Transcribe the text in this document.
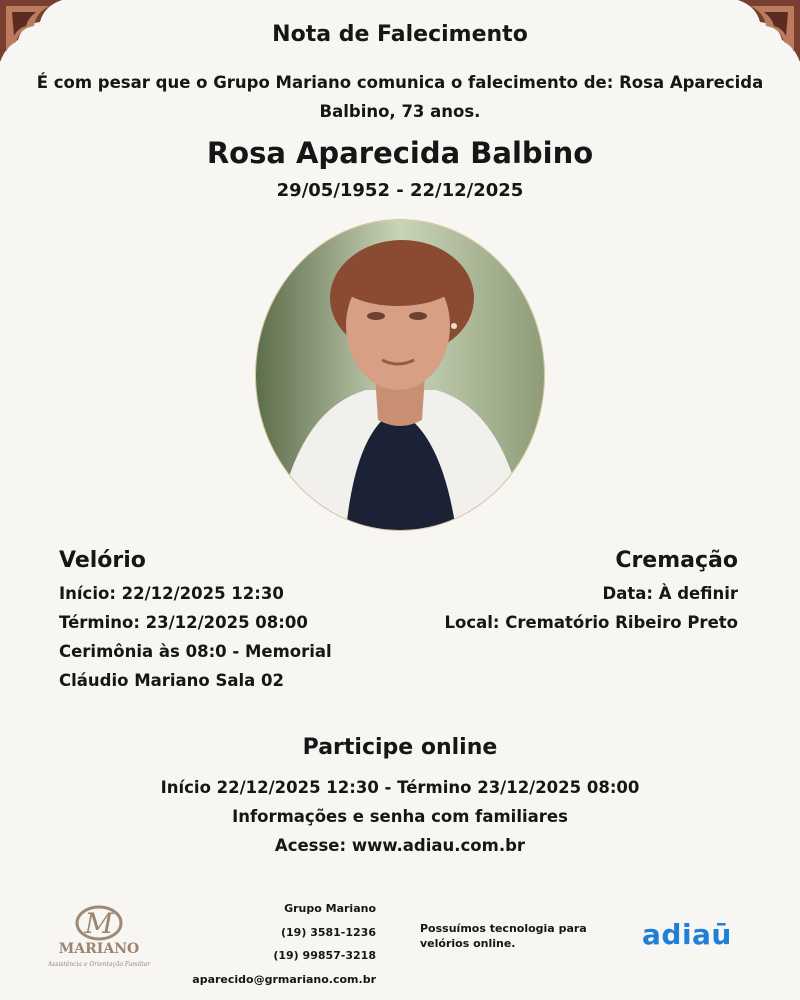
Nota de Falecimento
É com pesar que o Grupo Mariano comunica o falecimento de: Rosa Aparecida Balbino, 73 anos.
Rosa Aparecida Balbino
29/05/1952 - 22/12/2025
Velório
Início: 22/12/2025 12:30
Término: 23/12/2025 08:00
Cerimônia às 08:0 - Memorial
Cláudio Mariano Sala 02
Cremação
Data: À definir
Local: Crematório Ribeiro Preto
Participe online
Início 22/12/2025 12:30 - Término 23/12/2025 08:00
Informações e senha com familiares
Acesse: www.adiau.com.br
M
MARIANO
Assistência e Orientação Familiar
Grupo Mariano
(19) 3581-1236
(19) 99857-3218
aparecido@grmariano.com.br
Possuímos tecnologia para velórios online.	adiaū
